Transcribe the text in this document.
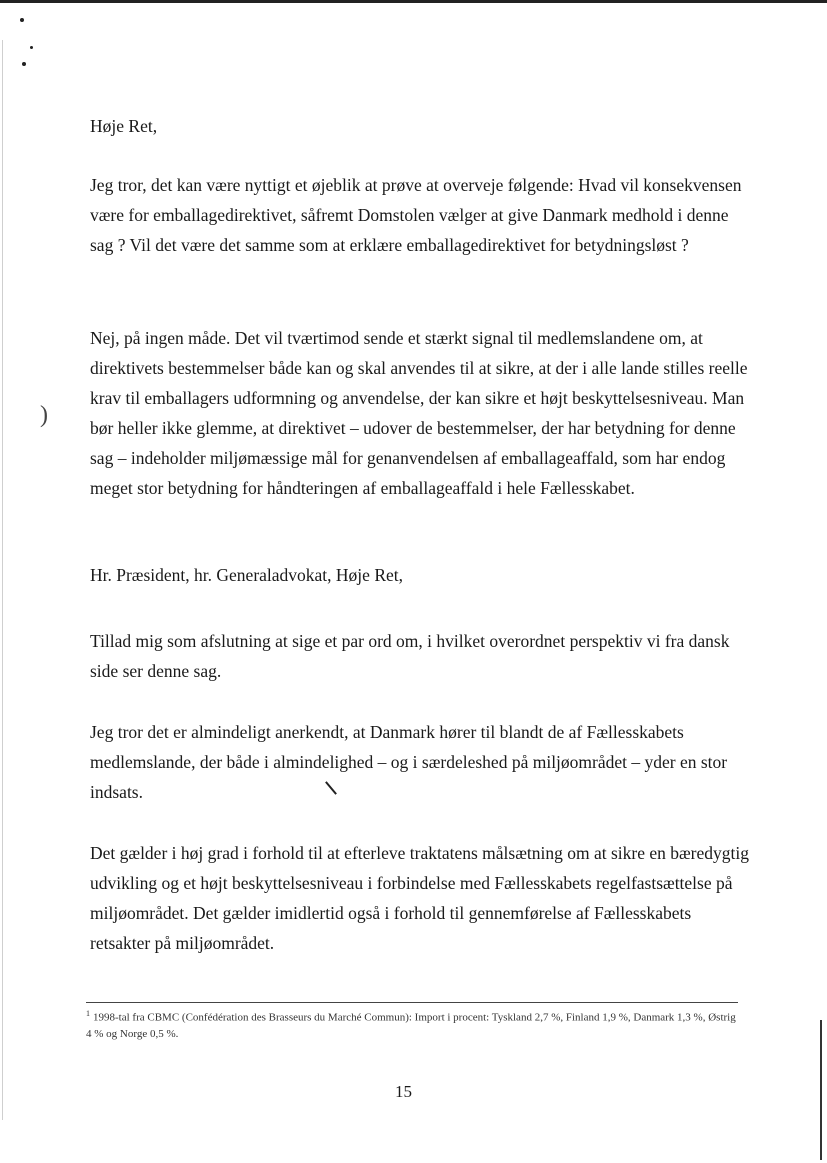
)

Høje Ret,

Jeg tror, det kan være nyttigt et øjeblik at prøve at overveje følgende: Hvad vil konsekvensen være for emballagedirektivet, såfremt Domstolen vælger at give Danmark medhold i denne sag ? Vil det være det samme som at erklære emballagedirektivet for betydningsløst ?

Nej, på ingen måde. Det vil tværtimod sende et stærkt signal til medlemslandene om, at direktivets bestemmelser både kan og skal anvendes til at sikre, at der i alle lande stilles reelle krav til emballagers udformning og anvendelse, der kan sikre et højt beskyttelsesniveau. Man bør heller ikke glemme, at direktivet – udover de bestemmelser, der har betydning for denne sag – indeholder miljømæssige mål for genanvendelsen af emballageaffald, som har endog meget stor betydning for håndteringen af emballageaffald i hele Fællesskabet.

Hr. Præsident, hr. Generaladvokat, Høje Ret,

Tillad mig som afslutning at sige et par ord om, i hvilket overordnet perspektiv vi fra dansk side ser denne sag.

Jeg tror det er almindeligt anerkendt, at Danmark hører til blandt de af Fællesskabets medlemslande, der både i almindelighed – og i særdeleshed på miljøområdet – yder en stor indsats.

Det gælder i høj grad i forhold til at efterleve traktatens målsætning om at sikre en bæredygtig udvikling og et højt beskyttelsesniveau i forbindelse med Fællesskabets regelfastsættelse på miljøområdet. Det gælder imidlertid også i forhold til gennemførelse af Fællesskabets retsakter på miljøområdet.

$^1$ 1998-tal fra CBMC (Confédération des Brasseurs du Marché Commun): Import i procent: Tyskland 2,7 %, Finland 1,9 %, Danmark 1,3 %, Østrig 4 % og Norge 0,5 %.

15
